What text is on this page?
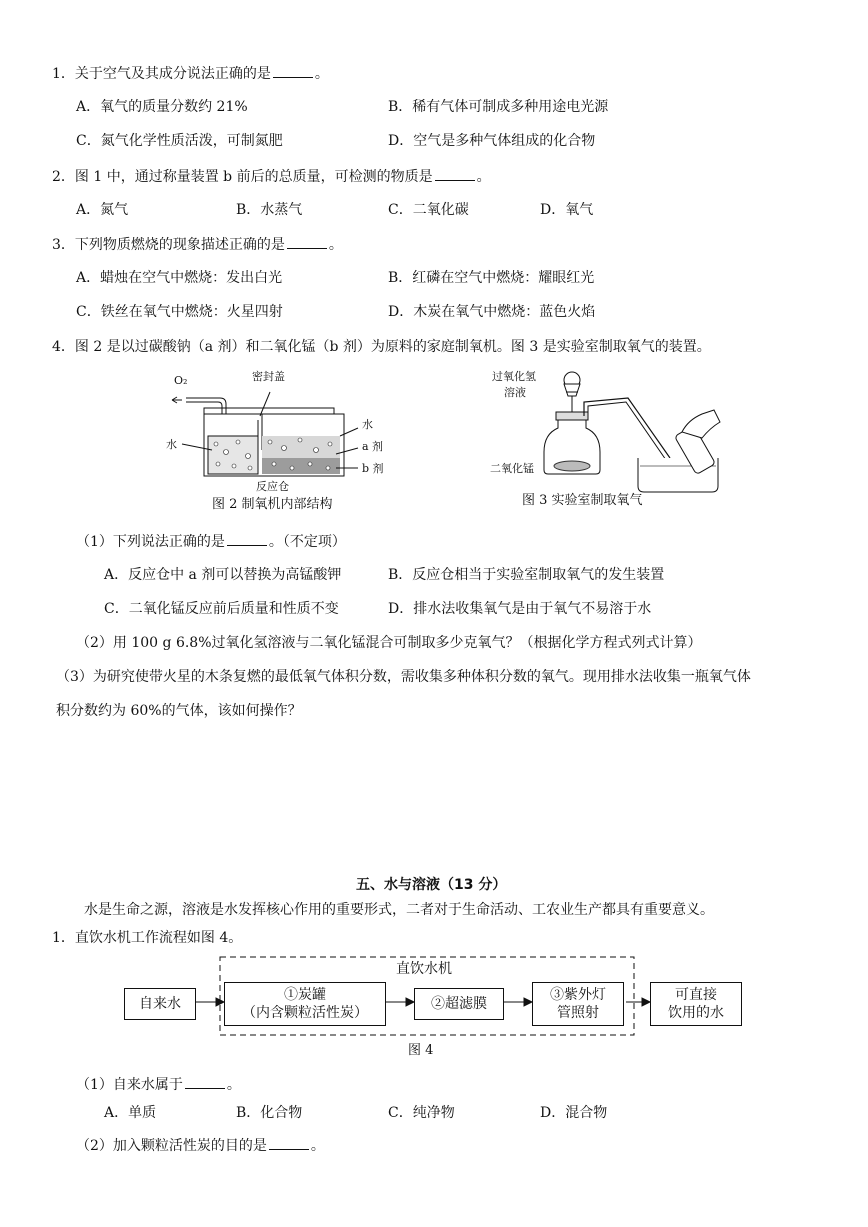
1．关于空气及其成分说法正确的是	。
A．氧气的质量分数约 21%	B．稀有气体可制成多种用途电光源
C．氮气化学性质活泼，可制氮肥	D．空气是多种气体组成的化合物
2．图 1 中，通过称量装置 b 前后的总质量，可检测的物质是	。
A．氮气	B．水蒸气	C．二氧化碳	D．氧气
3．下列物质燃烧的现象描述正确的是	。
A．蜡烛在空气中燃烧：发出白光	B．红磷在空气中燃烧：耀眼红光
C．铁丝在氧气中燃烧：火星四射	D．木炭在氧气中燃烧：蓝色火焰
4．图 2 是以过碳酸钠（a 剂）和二氧化锰（b 剂）为原料的家庭制氧机。图 3 是实验室制取氧气的装置。
O₂	密封盖
水
水
a 剂
b 剂
反应仓
图 2 制氧机内部结构
过氧化氢
溶液
二氧化锰
图 3 实验室制取氧气
（1）下列说法正确的是	。（不定项）
A．反应仓中 a 剂可以替换为高锰酸钾	B．反应仓相当于实验室制取氧气的发生装置
C．二氧化锰反应前后质量和性质不变	D．排水法收集氧气是由于氧气不易溶于水
（2）用 100 g 6.8%过氧化氢溶液与二氧化锰混合可制取多少克氧气？（根据化学方程式列式计算）
（3）为研究使带火星的木条复燃的最低氧气体积分数，需收集多种体积分数的氧气。现用排水法收集一瓶氧气体
积分数约为 60%的气体，该如何操作？
五、水与溶液（13 分）
水是生命之源，溶液是水发挥核心作用的重要形式，二者对于生命活动、工农业生产都具有重要意义。
1．直饮水机工作流程如图 4。
直饮水机
自来水
①炭罐
（内含颗粒活性炭）
②超滤膜
③紫外灯
管照射
可直接
饮用的水
图 4
（1）自来水属于	。
A．单质	B．化合物	C．纯净物	D．混合物
（2）加入颗粒活性炭的目的是	。
